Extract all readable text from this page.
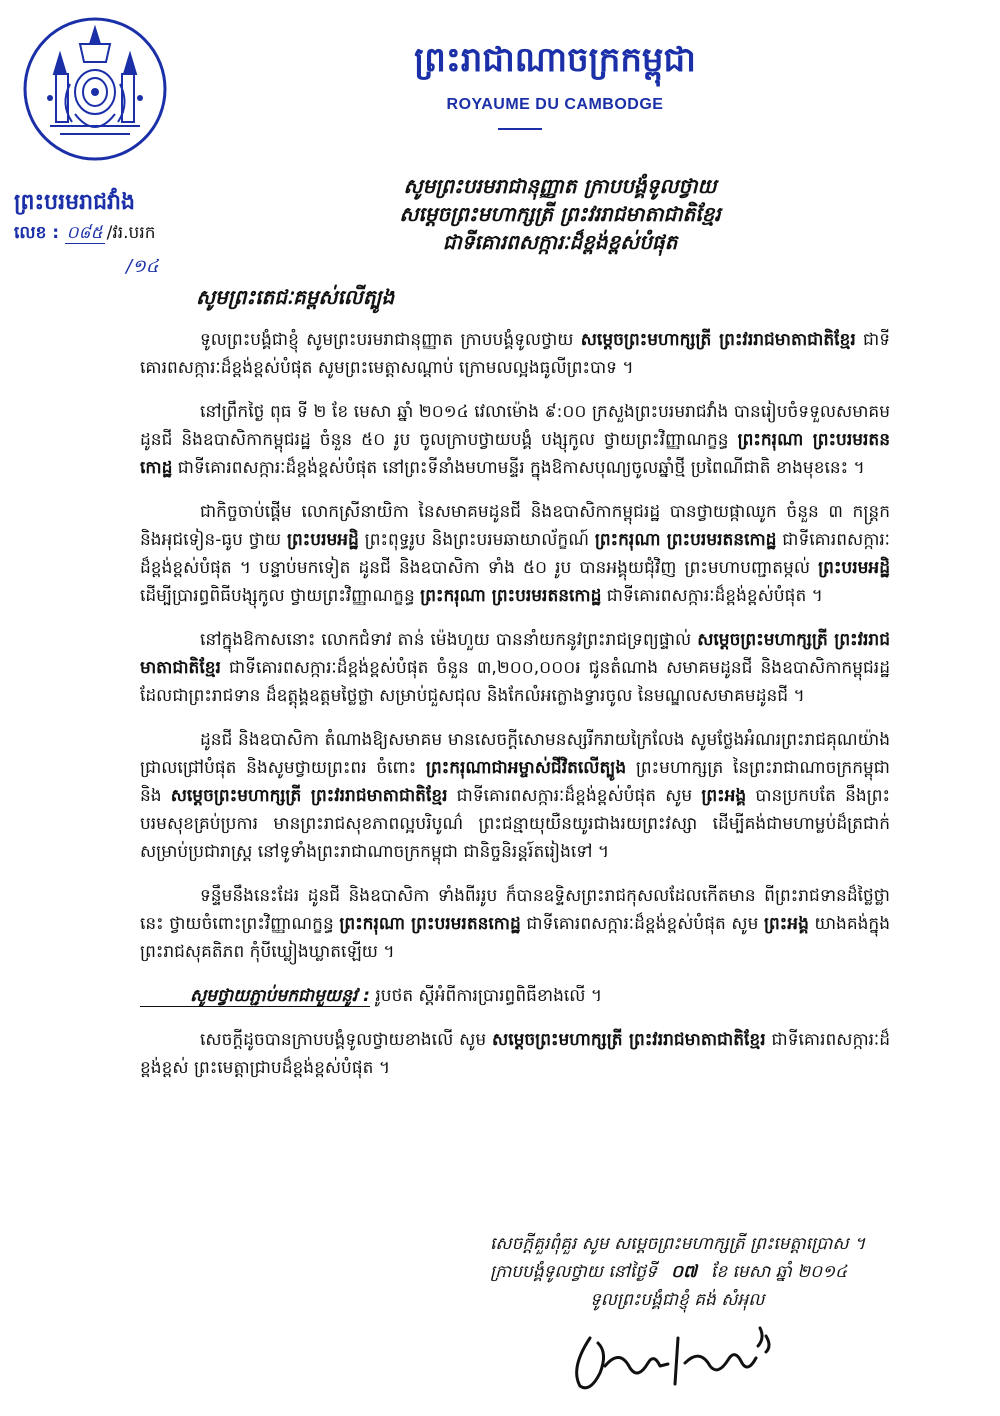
ព្រះបរមរាជវាំង
លេខ : ០៨៥ /វរ.បរក
/១៤
ព្រះរាជាណាចក្រកម្ពុជា
ROYAUME DU CAMBODGE
សូមព្រះបរមរាជានុញ្ញាត ក្រាបបង្គំទូលថ្វាយ
សម្ដេចព្រះមហាក្សត្រី ព្រះវររាជមាតាជាតិខ្មែរ
ជាទីគោរពសក្ការៈដ៏ខ្ពង់ខ្ពស់បំផុត
សូមព្រះតេជៈគម្ពស់លើត្បូង

ទូលព្រះបង្គំជាខ្ញុំ សូមព្រះបរមរាជានុញ្ញាត ក្រាបបង្គំទូលថ្វាយ សម្ដេចព្រះមហាក្សត្រី ព្រះវររាជមាតាជាតិខ្មែរ ជាទីគោរពសក្ការៈដ៏ខ្ពង់ខ្ពស់បំផុត សូមព្រះមេត្តាសណ្ដាប់ ក្រោមលល្អងធូលីព្រះបាទ ។

នៅព្រឹកថ្ងៃ ពុធ ទី ២ ខែ មេសា ឆ្នាំ ២០១៤ វេលាម៉ោង ៩:០០ ក្រសួងព្រះបរមរាជវាំង បានរៀបចំទទួលសមាគមដូនជី និងឧបាសិកាកម្ពុជរដ្ឋ ចំនួន ៥០ រូប ចូលក្រាបថ្វាយបង្គំ បង្សុកូល ថ្វាយព្រះវិញ្ញាណក្ខន្ធ ព្រះករុណា ព្រះបរមរតនកោដ្ឋ ជាទីគោរពសក្ការៈដ៏ខ្ពង់ខ្ពស់បំផុត នៅព្រះទីនាំងមហាមន្ទីរ ក្នុងឱកាសបុណ្យចូលឆ្នាំថ្មី ប្រពៃណីជាតិ ខាងមុខនេះ ។

ជាកិច្ចចាប់ផ្ដើម លោកស្រីនាយិកា នៃសមាគមដូនជី និងឧបាសិកាកម្ពុជរដ្ឋ បានថ្វាយផ្កាឈូក ចំនួន ៣ កន្ត្រក និងអុជទៀន-ធូប ថ្វាយ ព្រះបរមអដ្ឋិ ព្រះពុទ្ធរូប និងព្រះបរមឆាយាល័ក្ខណ៍ ព្រះករុណា ព្រះបរមរតនកោដ្ឋ ជាទីគោរពសក្ការៈដ៏ខ្ពង់ខ្ពស់បំផុត ។ បន្ទាប់មកទៀត ដូនជី និងឧបាសិកា ទាំង ៥០ រូប បានអង្គុយជុំវិញ ព្រះមហាបញ្ជាតម្កល់ ព្រះបរមអដ្ឋិ ដើម្បីប្រារព្ធពិធីបង្សុកូល ថ្វាយព្រះវិញ្ញាណក្ខន្ធ ព្រះករុណា ព្រះបរមរតនកោដ្ឋ ជាទីគោរពសក្ការៈដ៏ខ្ពង់ខ្ពស់បំផុត ។

នៅក្នុងឱកាសនោះ លោកជំទាវ តាន់ ម៉េងហួយ បាននាំយកនូវព្រះរាជទ្រព្យផ្ទាល់ សម្ដេចព្រះមហាក្សត្រី ព្រះវររាជមាតាជាតិខ្មែរ ជាទីគោរពសក្ការៈដ៏ខ្ពង់ខ្ពស់បំផុត ចំនួន ៣,២០០,០០០៛ ជូនតំណាង សមាគមដូនជី និងឧបាសិកាកម្ពុជរដ្ឋ ដែលជាព្រះរាជទាន ដ៏ឧត្ដុង្គឧត្ដមថ្លៃថ្លា សម្រាប់ជួសជុល និងកែលំអក្លោងទ្វារចូល នៃមណ្ឌលសមាគមដូនជី ។

ដូនជី និងឧបាសិកា តំណាងឱ្យសមាគម មានសេចក្ដីសោមនស្សរីករាយក្រៃលែង សូមថ្លែងអំណរព្រះរាជគុណយ៉ាងជ្រាលជ្រៅបំផុត និងសូមថ្វាយព្រះពរ ចំពោះ ព្រះករុណាជាអម្ចាស់ជីវិតលើត្បូង ព្រះមហាក្សត្រ នៃព្រះរាជាណាចក្រកម្ពុជា និង សម្ដេចព្រះមហាក្សត្រី ព្រះវររាជមាតាជាតិខ្មែរ ជាទីគោរពសក្ការៈដ៏ខ្ពង់ខ្ពស់បំផុត សូម ព្រះអង្គ បានប្រកបតែ នឹងព្រះបរមសុខគ្រប់ប្រការ មានព្រះរាជសុខភាពល្អបរិបូណ៌ ព្រះជន្មាយុយឺនយូរជាងរយព្រះវស្សា ដើម្បីគង់ជាមហាម្លប់ដ៏ត្រជាក់ សម្រាប់ប្រជារាស្ត្រ នៅទូទាំងព្រះរាជាណាចក្រកម្ពុជា ជានិច្ចនិរន្តរ៍តរៀងទៅ ។

ទន្ទឹមនឹងនេះដែរ ដូនជី និងឧបាសិកា ទាំងពីររូប ក៏បានឧទ្ទិសព្រះរាជកុសលដែលកើតមាន ពីព្រះរាជទានដ៏ថ្លៃថ្លានេះ ថ្វាយចំពោះព្រះវិញ្ញាណក្ខន្ធ ព្រះករុណា ព្រះបរមរតនកោដ្ឋ ជាទីគោរពសក្ការៈដ៏ខ្ពង់ខ្ពស់បំផុត សូម ព្រះអង្គ យាងគង់ក្នុងព្រះរាជសុគតិភព កុំបីឃ្លៀងឃ្លាតឡើយ ។

សូមថ្វាយភ្ជាប់មកជាមួយនូវ : រូបថត ស្ដីអំពីការប្រារព្ធពិធីខាងលើ ។

សេចក្ដីដូចបានក្រាបបង្គំទូលថ្វាយខាងលើ សូម សម្ដេចព្រះមហាក្សត្រី ព្រះវររាជមាតាជាតិខ្មែរ ជាទីគោរពសក្ការៈដ៏ខ្ពង់ខ្ពស់ ព្រះមេត្តាជ្រាបដ៏ខ្ពង់ខ្ពស់បំផុត ។

សេចក្ដីគួរពុំគួរ សូម សម្ដេចព្រះមហាក្សត្រី ព្រះមេត្តាប្រោស ។
ក្រាបបង្គំទូលថ្វាយ នៅថ្ងៃទី ០៧ ខែ មេសា ឆ្នាំ ២០១៤
ទូលព្រះបង្គំជាខ្ញុំ គង់ សំអុល
